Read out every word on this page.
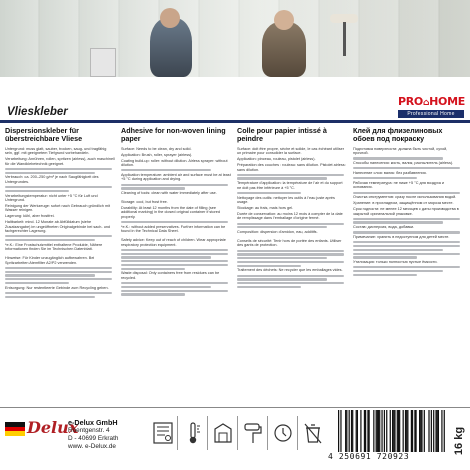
PRO⌂HOME
Professional Home
Vlieskleber
Dispersionskleber für überstreichbare Vliese

Untergrund: muss glatt, sauber, trocken, saug- und tragfähig sein, ggf. mit geeignetem Tiefgrund vorbehandeln.

Verarbeitung: Anrühren, rollen, spritzen (airless), auch maschinell für die Wandklebetechnik geeignet.

Verbrauch: ca. 200–250 g/m² je nach Saugfähigkeit des Untergrundes.

Verarbeitungstemperatur: nicht unter +5 °C für Luft und Untergrund.

Reinigung der Werkzeuge: sofort nach Gebrauch gründlich mit Wasser reinigen.

Lagerung: kühl, aber frostfrei.

Haltbarkeit: mind. 12 Monate ab Abfülldatum (siehe Zusatzangabe) im ungeöffneten Originalgebinde bei sach- und fachgerechter Lagerung.

*e.K.: Eine Frostschutzmittel enthaltene Produkte, Nähere Informationen finden Sie im Technischen Datenblatt.

Hinweise: Für Kinder unzugänglich aufbewahren. Bei Spritzarbeiten Atemfilter A2/P2 verwenden.

Entsorgung: Nur restentleerte Gebinde zum Recycling geben.

Adhesive for non-woven lining paper

Surface: Needs to be clean, dry and solid.

Application: Brush, roller, sprayer (airless).

Coating build-up: roller: without dilution. Airless sprayer: without dilution.

Application temperature: ambient air and surface must be at least +5 °C during application and drying.

Cleaning of tools: clean with water immediately after use.

Storage: cool, but frost free.

Durability: At least 12 months from the date of filling (see additional marking) in the closed original container if stored properly.

*e.K.: without added preservatives. Further information can be found in the Technical Data Sheet.

Safety advice: Keep out of reach of children. Wear appropriate respiratory protection equipment.

Waste disposal: Only containers free from residues can be recycled.

Colle pour papier intissé à peindre

Surface: doit être propre, sèche et solide, le cas échéant utiliser un primaire pour consolider la surface.

Application: pinceau, rouleau, pistolet (airless).

Préparation des couches : rouleau: sans dilution. Pistolet airless: sans dilution.

Température d’application: la température de l’air et du support ne doit pas être inférieure à +5 °C.

Nettoyage des outils: nettoyer les outils à l’eau juste après usage.

Stockage: au frais, mais hors gel.

Durée de conservation: au moins 12 mois à compter de la date de remplissage dans l’emballage d’origine fermé.

Composition: dispersion d’amidon, eau, additifs.

Conseils de sécurité: Tenir hors de portée des enfants. Utiliser des gants de protection.

Traitement des déchets: Ne recycler que les emballages vides.

Клей для флизелиновых обоев под покраску

Подготовка поверхности: должна быть чистой, сухой, прочной.

Способы нанесения: кисть, валик, распылитель (airless).

Нанесение слоя: валик: без разбавления.

Рабочая температура: не ниже +5 °С для воздуха и основания.

Очистка инструментов: сразу после использования водой.

Хранение: в прохладном, защищённом от мороза месте.

Срок годности: не менее 12 месяцев с даты производства в закрытой оригинальной упаковке.

Состав: дисперсия, вода, добавки.

Примечание: хранить в недоступном для детей месте.

Утилизация: только полностью пустые ёмкости.

Delux
e-Delux GmbH
Roentgenstr. 4
D - 40699 Erkrath
www. e-Delux.de
4 250691 720923
16 kg
